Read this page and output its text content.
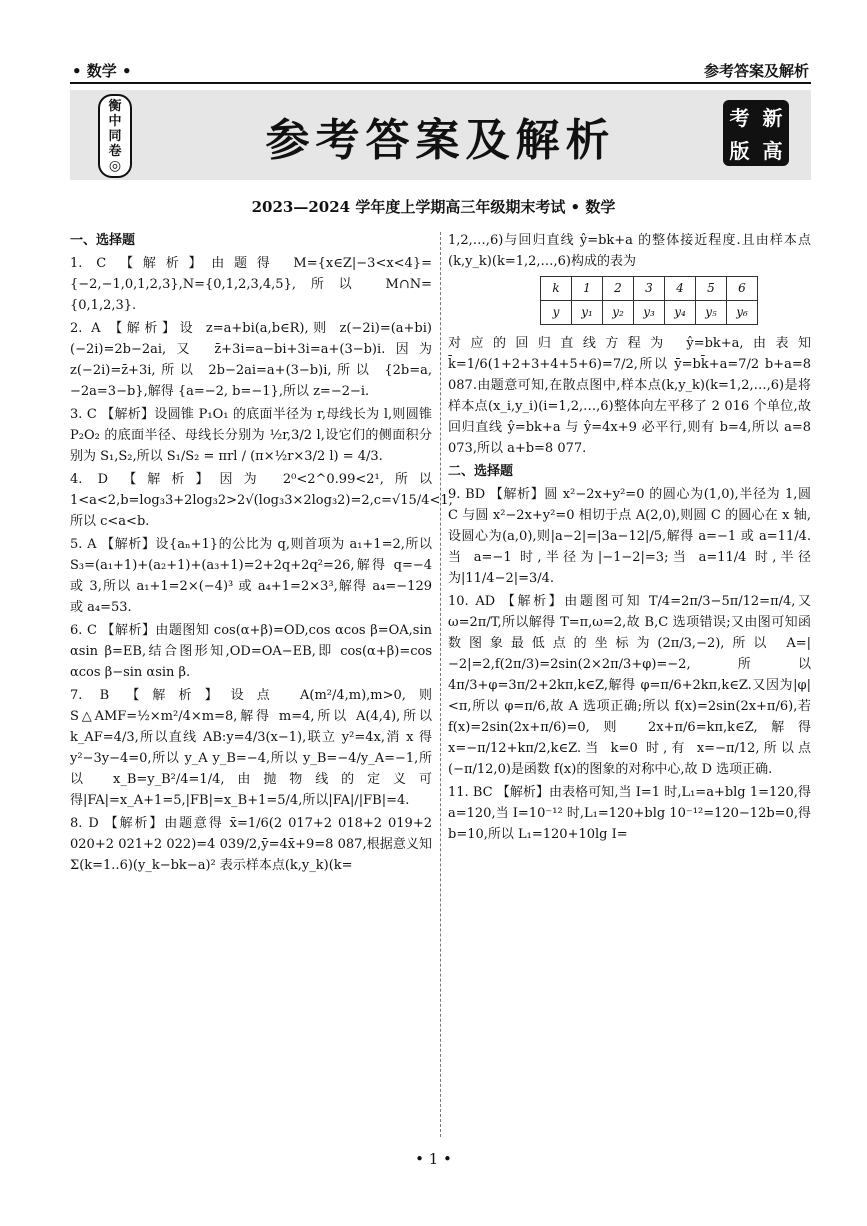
• 数学 •	参考答案及解析
衡
中
同
卷
◎	参考答案及解析	考 新
版 高
2023—2024 学年度上学期高三年级期末考试 • 数学

一、选择题

1. C 【解析】由题得 M={x∈Z|−3<x<4}={−2,−1,0,1,2,3},N={0,1,2,3,4,5},所以 M∩N={0,1,2,3}.

2. A 【解析】设 z=a+bi(a,b∈R),则 z(−2i)=(a+bi)(−2i)=2b−2ai,又 z̄+3i=a−bi+3i=a+(3−b)i.因为 z(−2i)=z̄+3i,所以 2b−2ai=a+(3−b)i,所以 {2b=a, −2a=3−b},解得 {a=−2, b=−1},所以 z=−2−i.

3. C 【解析】设圆锥 P₁O₁ 的底面半径为 r,母线长为 l,则圆锥 P₂O₂ 的底面半径、母线长分别为 ½r,3/2 l,设它们的侧面积分别为 S₁,S₂,所以 S₁/S₂ = πrl / (π×½r×3/2 l) = 4/3.

4. D 【解析】因为 2⁰<2^0.99<2¹,所以 1<a<2,b=log₃3+2log₃2>2√(log₃3×2log₃2)=2,c=√15/4<1,所以 c<a<b.

5. A 【解析】设{aₙ+1}的公比为 q,则首项为 a₁+1=2,所以 S₃=(a₁+1)+(a₂+1)+(a₃+1)=2+2q+2q²=26,解得 q=−4 或 3,所以 a₁+1=2×(−4)³ 或 a₄+1=2×3³,解得 a₄=−129 或 a₄=53.

6. C 【解析】由题图知 cos(α+β)=OD,cos αcos β=OA,sin αsin β=EB,结合图形知,OD=OA−EB,即 cos(α+β)=cos αcos β−sin αsin β.

7. B 【解析】设点 A(m²/4,m),m>0,则 S△AMF=½×m²/4×m=8,解得 m=4,所以 A(4,4),所以 k_AF=4/3,所以直线 AB:y=4/3(x−1),联立 y²=4x,消 x 得 y²−3y−4=0,所以 y_A y_B=−4,所以 y_B=−4/y_A=−1,所以 x_B=y_B²/4=1/4,由抛物线的定义可得|FA|=x_A+1=5,|FB|=x_B+1=5/4,所以|FA|/|FB|=4.

8. D 【解析】由题意得 x̄=1/6(2 017+2 018+2 019+2 020+2 021+2 022)=4 039/2,ȳ=4x̄+9=8 087,根据意义知 Σ(k=1..6)(y_k−bk−a)² 表示样本点(k,y_k)(k=

1,2,…,6)与回归直线 ŷ=bk+a 的整体接近程度.且由样本点(k,y_k)(k=1,2,…,6)构成的表为

k	1	2	3	4	5	6
y	y₁	y₂	y₃	y₄	y₅	y₆

对应的回归直线方程为 ŷ=bk+a,由表知 k̄=1/6(1+2+3+4+5+6)=7/2,所以 ȳ=bk̄+a=7/2 b+a=8 087.由题意可知,在散点图中,样本点(k,y_k)(k=1,2,…,6)是将样本点(x_i,y_i)(i=1,2,…,6)整体向左平移了 2 016 个单位,故回归直线 ŷ=bk+a 与 ŷ=4x+9 必平行,则有 b=4,所以 a=8 073,所以 a+b=8 077.

二、选择题

9. BD 【解析】圆 x²−2x+y²=0 的圆心为(1,0),半径为 1,圆 C 与圆 x²−2x+y²=0 相切于点 A(2,0),则圆 C 的圆心在 x 轴,设圆心为(a,0),则|a−2|=|3a−12|/5,解得 a=−1 或 a=11/4.当 a=−1 时,半径为|−1−2|=3;当 a=11/4 时,半径为|11/4−2|=3/4.

10. AD 【解析】由题图可知 T/4=2π/3−5π/12=π/4,又 ω=2π/T,所以解得 T=π,ω=2,故 B,C 选项错误;又由图可知函数图象最低点的坐标为(2π/3,−2),所以 A=|−2|=2,f(2π/3)=2sin(2×2π/3+φ)=−2,所以 4π/3+φ=3π/2+2kπ,k∈Z,解得 φ=π/6+2kπ,k∈Z.又因为|φ|<π,所以 φ=π/6,故 A 选项正确;所以 f(x)=2sin(2x+π/6),若 f(x)=2sin(2x+π/6)=0,则 2x+π/6=kπ,k∈Z,解得 x=−π/12+kπ/2,k∈Z.当 k=0 时,有 x=−π/12,所以点(−π/12,0)是函数 f(x)的图象的对称中心,故 D 选项正确.

11. BC 【解析】由表格可知,当 I=1 时,L₁=a+blg 1=120,得 a=120,当 I=10⁻¹² 时,L₁=120+blg 10⁻¹²=120−12b=0,得 b=10,所以 L₁=120+10lg I=

• 1 •
